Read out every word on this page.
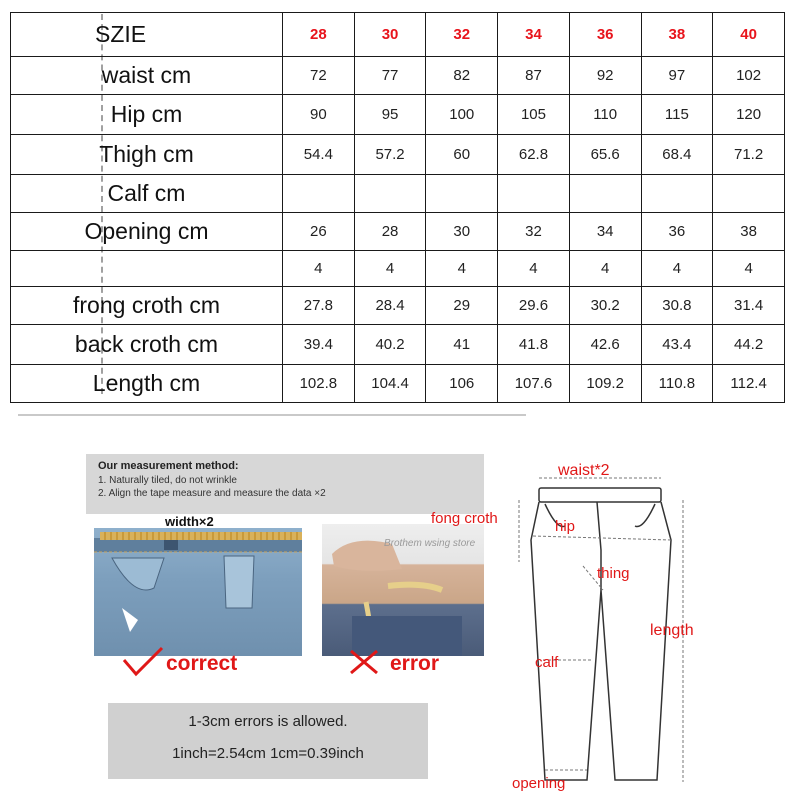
SZIE	28	30	32	34	36	38	40
waist cm	72	77	82	87	92	97	102
Hip cm	90	95	100	105	110	115	120
Thigh cm	54.4	57.2	60	62.8	65.6	68.4	71.2
Calf cm							
Opening cm	26	28	30	32	34	36	38
	4	4	4	4	4	4	4
frong croth cm	27.8	28.4	29	29.6	30.2	30.8	31.4
back croth cm	39.4	40.2	41	41.8	42.6	43.4	44.2
Length cm	102.8	104.4	106	107.6	109.2	110.8	112.4
Our measurement method:
1. Naturally tiled, do not wrinkle
2. Align the tape measure and measure the data ×2
width×2
Brothem wsing store
correct	error
1-3cm errors is allowed.
1inch=2.54cm 1cm=0.39inch
waist*2
fong croth	hip
thing
length
calf
opening
